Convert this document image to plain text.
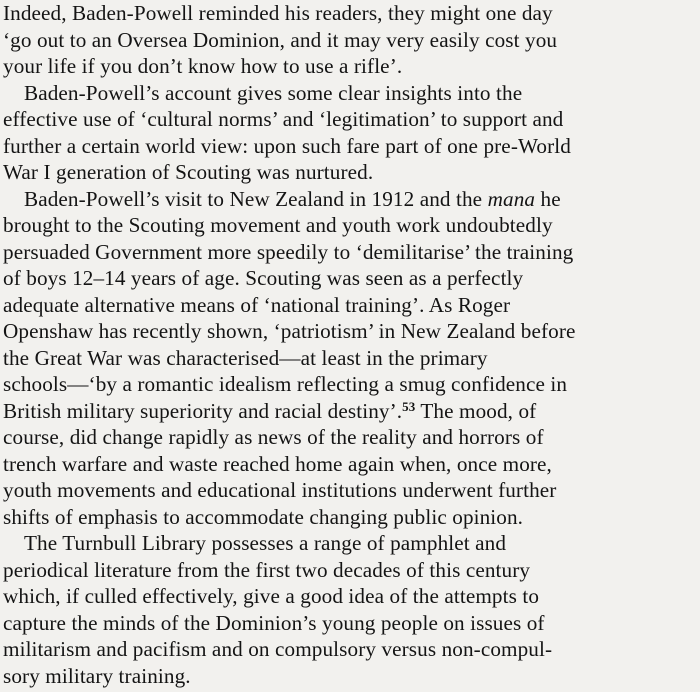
Indeed, Baden-Powell reminded his readers, they might one day
‘go out to an Oversea Dominion, and it may very easily cost you
your life if you don’t know how to use a rifle’.
Baden-Powell’s account gives some clear insights into the
effective use of ‘cultural norms’ and ‘legitimation’ to support and
further a certain world view: upon such fare part of one pre-World
War I generation of Scouting was nurtured.
Baden-Powell’s visit to New Zealand in 1912 and the mana he
brought to the Scouting movement and youth work undoubtedly
persuaded Government more speedily to ‘demilitarise’ the training
of boys 12–14 years of age. Scouting was seen as a perfectly
adequate alternative means of ‘national training’. As Roger
Openshaw has recently shown, ‘patriotism’ in New Zealand before
the Great War was characterised—at least in the primary
schools—‘by a romantic idealism reflecting a smug confidence in
British military superiority and racial destiny’.$^{53}$ The mood, of
course, did change rapidly as news of the reality and horrors of
trench warfare and waste reached home again when, once more,
youth movements and educational institutions underwent further
shifts of emphasis to accommodate changing public opinion.
The Turnbull Library possesses a range of pamphlet and
periodical literature from the first two decades of this century
which, if culled effectively, give a good idea of the attempts to
capture the minds of the Dominion’s young people on issues of
militarism and pacifism and on compulsory versus non-compul-
sory military training.
